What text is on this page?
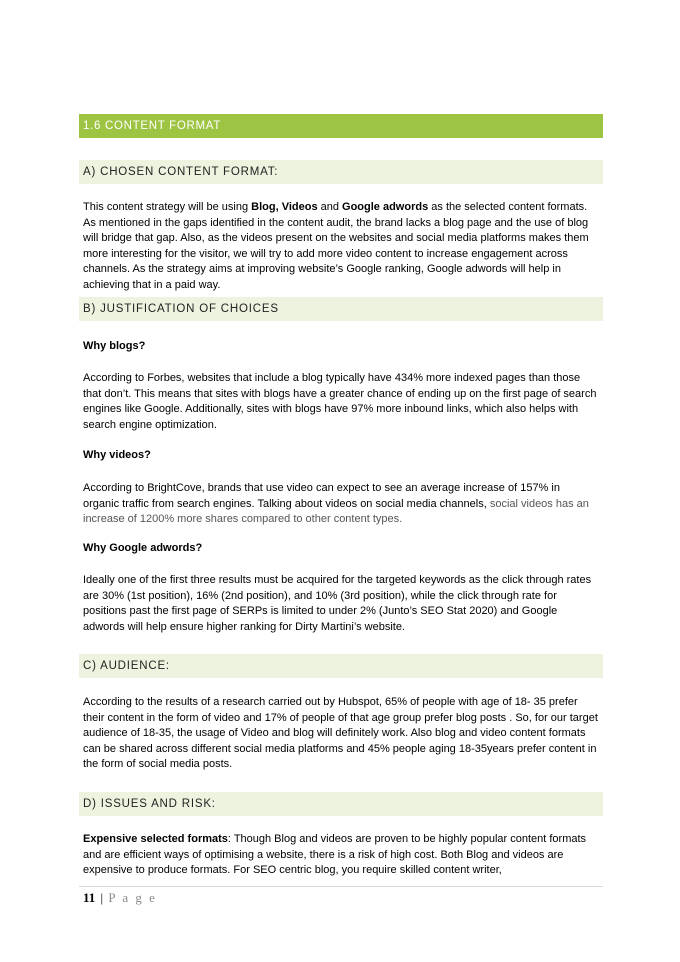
1.6 CONTENT FORMAT
A) CHOSEN CONTENT FORMAT:

This content strategy will be using Blog, Videos and Google adwords as the selected content formats. As mentioned in the gaps identified in the content audit, the brand lacks a blog page and the use of blog will bridge that gap. Also, as the videos present on the websites and social media platforms makes them more interesting for the visitor, we will try to add more video content to increase engagement across channels. As the strategy aims at improving website’s Google ranking, Google adwords will help in achieving that in a paid way.

B) JUSTIFICATION OF CHOICES

Why blogs?

According to Forbes, websites that include a blog typically have 434% more indexed pages than those that don’t. This means that sites with blogs have a greater chance of ending up on the first page of search engines like Google. Additionally, sites with blogs have 97% more inbound links, which also helps with search engine optimization.

Why videos?

According to BrightCove, brands that use video can expect to see an average increase of 157% in organic traffic from search engines. Talking about videos on social media channels, social videos has an increase of 1200% more shares compared to other content types.

Why Google adwords?

Ideally one of the first three results must be acquired for the targeted keywords as the click through rates are 30% (1st position), 16% (2nd position), and 10% (3rd position), while the click through rate for positions past the first page of SERPs is limited to under 2% (Junto’s SEO Stat 2020) and Google adwords will help ensure higher ranking for Dirty Martini’s website.

C) AUDIENCE:

According to the results of a research carried out by Hubspot, 65% of people with age of 18- 35 prefer their content in the form of video and 17% of people of that age group prefer blog posts . So, for our target audience of 18-35, the usage of Video and blog will definitely work. Also blog and video content formats can be shared across different social media platforms and 45% people aging 18-35years prefer content in the form of social media posts.

D) ISSUES AND RISK:

Expensive selected formats: Though Blog and videos are proven to be highly popular content formats and are efficient ways of optimising a website, there is a risk of high cost. Both Blog and videos are expensive to produce formats. For SEO centric blog, you require skilled content writer,

11 | P a g e
